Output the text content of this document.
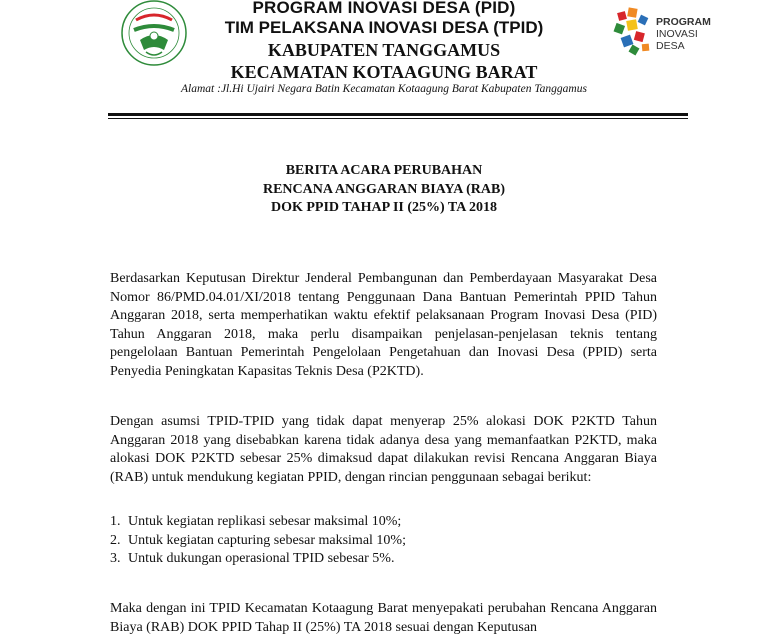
PROGRAM
INOVASI
DESA
PROGRAM INOVASI DESA (PID)
TIM PELAKSANA INOVASI DESA (TPID)
KABUPATEN TANGGAMUS
KECAMATAN KOTAAGUNG BARAT
Alamat :Jl.Hi Ujairi Negara Batin Kecamatan Kotaagung Barat Kabupaten Tanggamus
BERITA ACARA PERUBAHAN
RENCANA ANGGARAN BIAYA (RAB)
DOK PPID TAHAP II (25%) TA 2018
Berdasarkan Keputusan Direktur Jenderal Pembangunan dan Pemberdayaan Masyarakat Desa Nomor 86/PMD.04.01/XI/2018 tentang Penggunaan Dana Bantuan Pemerintah PPID Tahun Anggaran 2018, serta memperhatikan waktu efektif pelaksanaan Program Inovasi Desa (PID) Tahun Anggaran 2018, maka perlu disampaikan penjelasan-penjelasan teknis tentang pengelolaan Bantuan Pemerintah Pengelolaan Pengetahuan dan Inovasi Desa (PPID) serta Penyedia Peningkatan Kapasitas Teknis Desa (P2KTD).
Dengan asumsi TPID-TPID yang tidak dapat menyerap 25% alokasi DOK P2KTD Tahun Anggaran 2018 yang disebabkan karena tidak adanya desa yang memanfaatkan P2KTD, maka alokasi DOK P2KTD sebesar 25% dimaksud dapat dilakukan revisi Rencana Anggaran Biaya (RAB) untuk mendukung kegiatan PPID, dengan rincian penggunaan sebagai berikut:
1. Untuk kegiatan replikasi sebesar maksimal 10%;
2. Untuk kegiatan capturing sebesar maksimal 10%;
3. Untuk dukungan operasional TPID sebesar 5%.
Maka dengan ini TPID Kecamatan Kotaagung Barat menyepakati perubahan Rencana Anggaran Biaya (RAB) DOK PPID Tahap II (25%) TA 2018 sesuai dengan Keputusan
